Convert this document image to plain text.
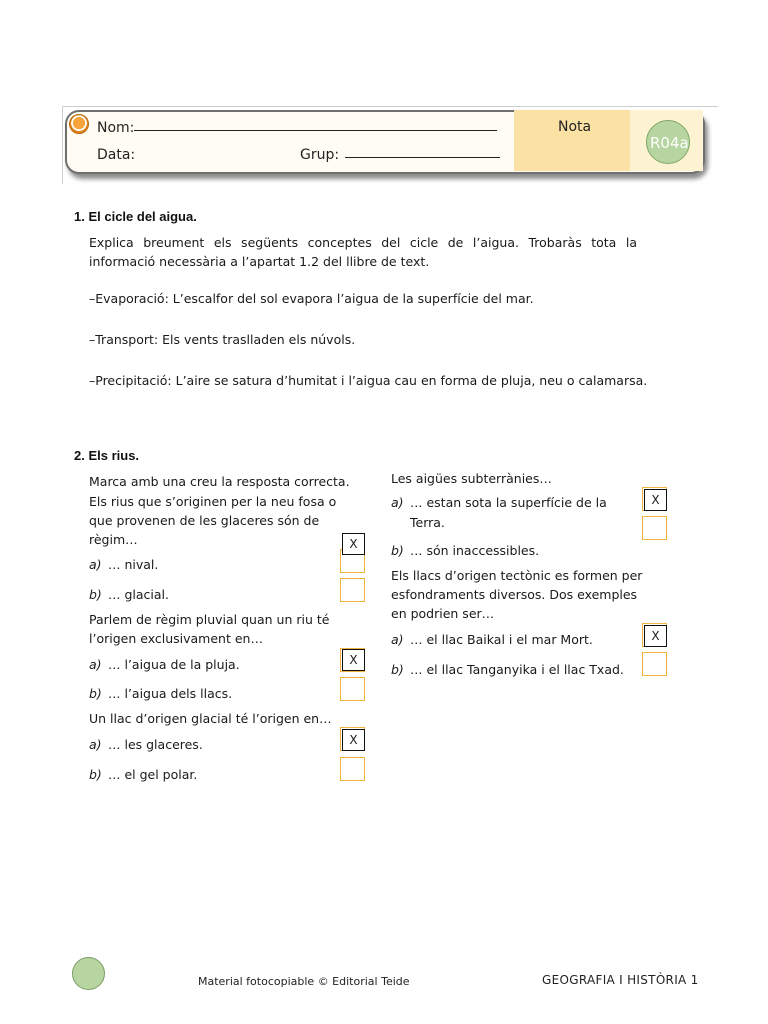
Nom:
Data:	Grup:
Nota
R04a
1. El cicle del aigua.
Explica breument els següents conceptes del cicle de l’aigua. Trobaràs tota la informació necessària a l’apartat 1.2 del llibre de text.
–Evaporació: L’escalfor del sol evapora l’aigua de la superfície del mar.
–Transport: Els vents traslladen els núvols.
–Precipitació: L’aire se satura d’humitat i l’aigua cau en forma de pluja, neu o calamarsa.
2. Els rius.
Marca amb una creu la resposta correcta.
Els rius que s’originen per la neu fosa o
que provenen de les glaceres són de
règim…
a) … nival.
X
b) … glacial.
Parlem de règim pluvial quan un riu té
l’origen exclusivament en…
a) … l’aigua de la pluja.	X
b) … l’aigua dels llacs.
Un llac d’origen glacial té l’origen en…
a) … les glaceres.	X
b) … el gel polar.
Les aigües subterrànies…
a) … estan sota la superfície de la
Terra.
X
b) … són inaccessibles.
Els llacs d’origen tectònic es formen per
esfondraments diversos. Dos exemples
en podrien ser…
a) … el llac Baikal i el mar Mort.	X
b) … el llac Tanganyika i el llac Txad.
Material fotocopiable © Editorial Teide	GEOGRAFIA I HISTÒRIA 1
